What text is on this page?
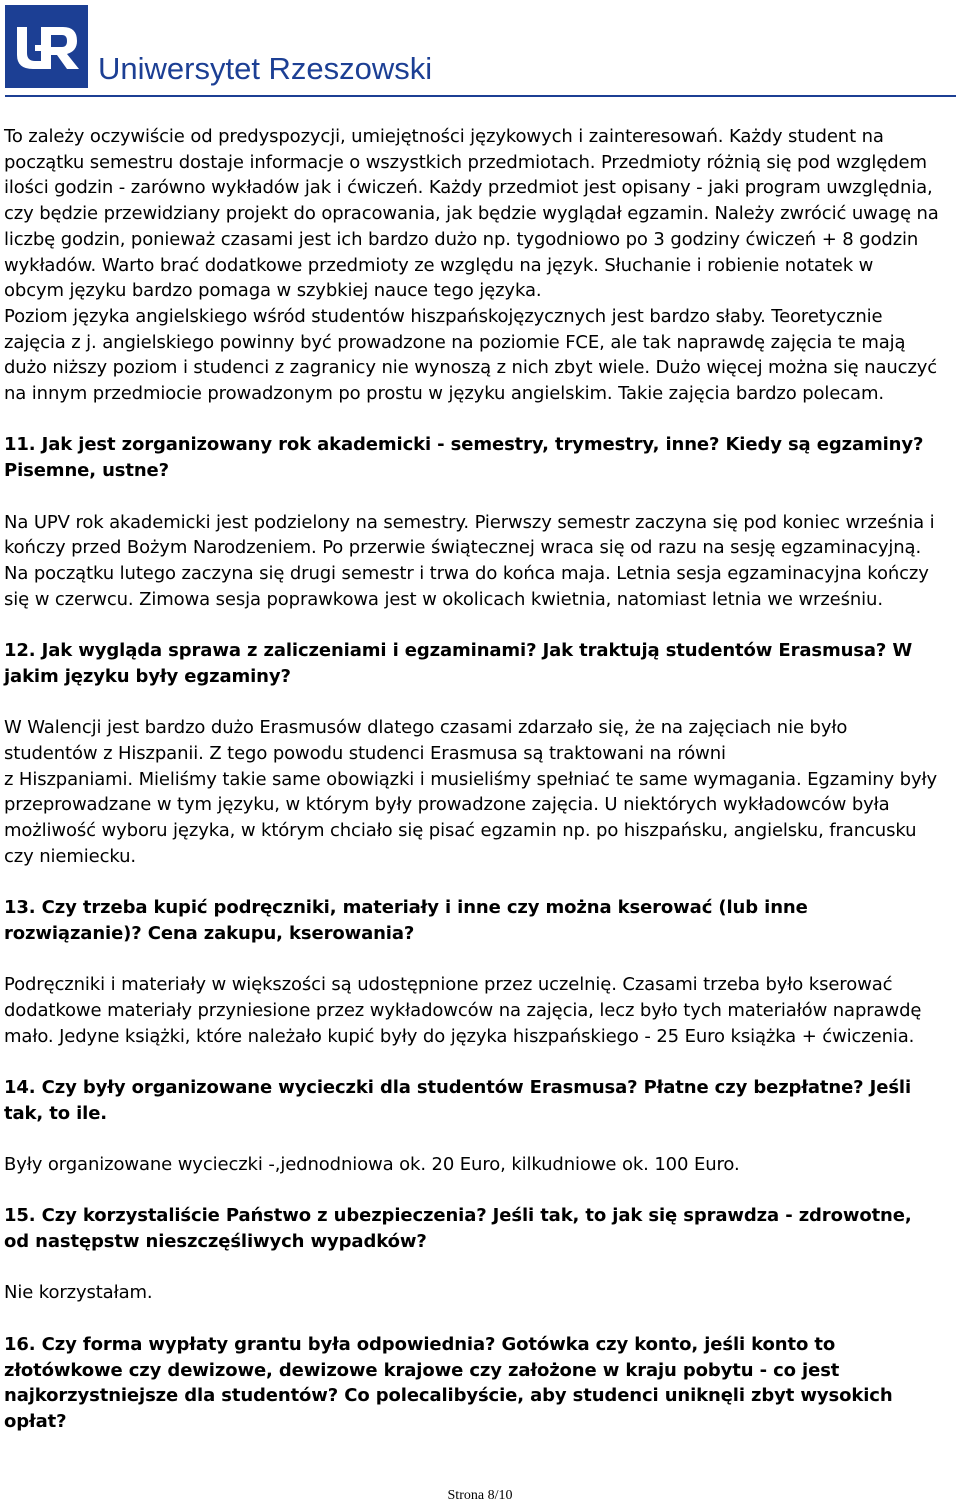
Uniwersytet Rzeszowski
To zależy oczywiście od predyspozycji, umiejętności językowych i zainteresowań. Każdy student na
początku semestru dostaje informacje o wszystkich przedmiotach. Przedmioty różnią się pod względem
ilości godzin - zarówno wykładów jak i ćwiczeń. Każdy przedmiot jest opisany - jaki program uwzględnia,
czy będzie przewidziany projekt do opracowania, jak będzie wyglądał egzamin. Należy zwrócić uwagę na
liczbę godzin, ponieważ czasami jest ich bardzo dużo np. tygodniowo po 3 godziny ćwiczeń + 8 godzin
wykładów. Warto brać dodatkowe przedmioty ze względu na język. Słuchanie i robienie notatek w
obcym języku bardzo pomaga w szybkiej nauce tego języka.
Poziom języka angielskiego wśród studentów hiszpańskojęzycznych jest bardzo słaby. Teoretycznie
zajęcia z j. angielskiego powinny być prowadzone na poziomie FCE, ale tak naprawdę zajęcia te mają
dużo niższy poziom i studenci z zagranicy nie wynoszą z nich zbyt wiele. Dużo więcej można się nauczyć
na innym przedmiocie prowadzonym po prostu w języku angielskim. Takie zajęcia bardzo polecam.
11. Jak jest zorganizowany rok akademicki - semestry, trymestry, inne? Kiedy są egzaminy?
Pisemne, ustne?
Na UPV rok akademicki jest podzielony na semestry. Pierwszy semestr zaczyna się pod koniec września i
kończy przed Bożym Narodzeniem. Po przerwie świątecznej wraca się od razu na sesję egzaminacyjną.
Na początku lutego zaczyna się drugi semestr i trwa do końca maja. Letnia sesja egzaminacyjna kończy
się w czerwcu. Zimowa sesja poprawkowa jest w okolicach kwietnia, natomiast letnia we wrześniu.
12. Jak wygląda sprawa z zaliczeniami i egzaminami? Jak traktują studentów Erasmusa? W
jakim języku były egzaminy?
W Walencji jest bardzo dużo Erasmusów dlatego czasami zdarzało się, że na zajęciach nie było
studentów z Hiszpanii. Z tego powodu studenci Erasmusa są traktowani na równi
z Hiszpaniami. Mieliśmy takie same obowiązki i musieliśmy spełniać te same wymagania. Egzaminy były
przeprowadzane w tym języku, w którym były prowadzone zajęcia. U niektórych wykładowców była
możliwość wyboru języka, w którym chciało się pisać egzamin np. po hiszpańsku, angielsku, francusku
czy niemiecku.
13. Czy trzeba kupić podręczniki, materiały i inne czy można kserować (lub inne
rozwiązanie)? Cena zakupu, kserowania?
Podręczniki i materiały w większości są udostępnione przez uczelnię. Czasami trzeba było kserować
dodatkowe materiały przyniesione przez wykładowców na zajęcia, lecz było tych materiałów naprawdę
mało. Jedyne książki, które należało kupić były do języka hiszpańskiego - 25 Euro książka + ćwiczenia.
14. Czy były organizowane wycieczki dla studentów Erasmusa? Płatne czy bezpłatne? Jeśli
tak, to ile.
Były organizowane wycieczki -,jednodniowa ok. 20 Euro, kilkudniowe ok. 100 Euro.
15. Czy korzystaliście Państwo z ubezpieczenia? Jeśli tak, to jak się sprawdza - zdrowotne,
od następstw nieszczęśliwych wypadków?
Nie korzystałam.
16. Czy forma wypłaty grantu była odpowiednia? Gotówka czy konto, jeśli konto to
złotówkowe czy dewizowe, dewizowe krajowe czy założone w kraju pobytu - co jest
najkorzystniejsze dla studentów? Co polecalibyście, aby studenci uniknęli zbyt wysokich
opłat?
Strona 8/10
